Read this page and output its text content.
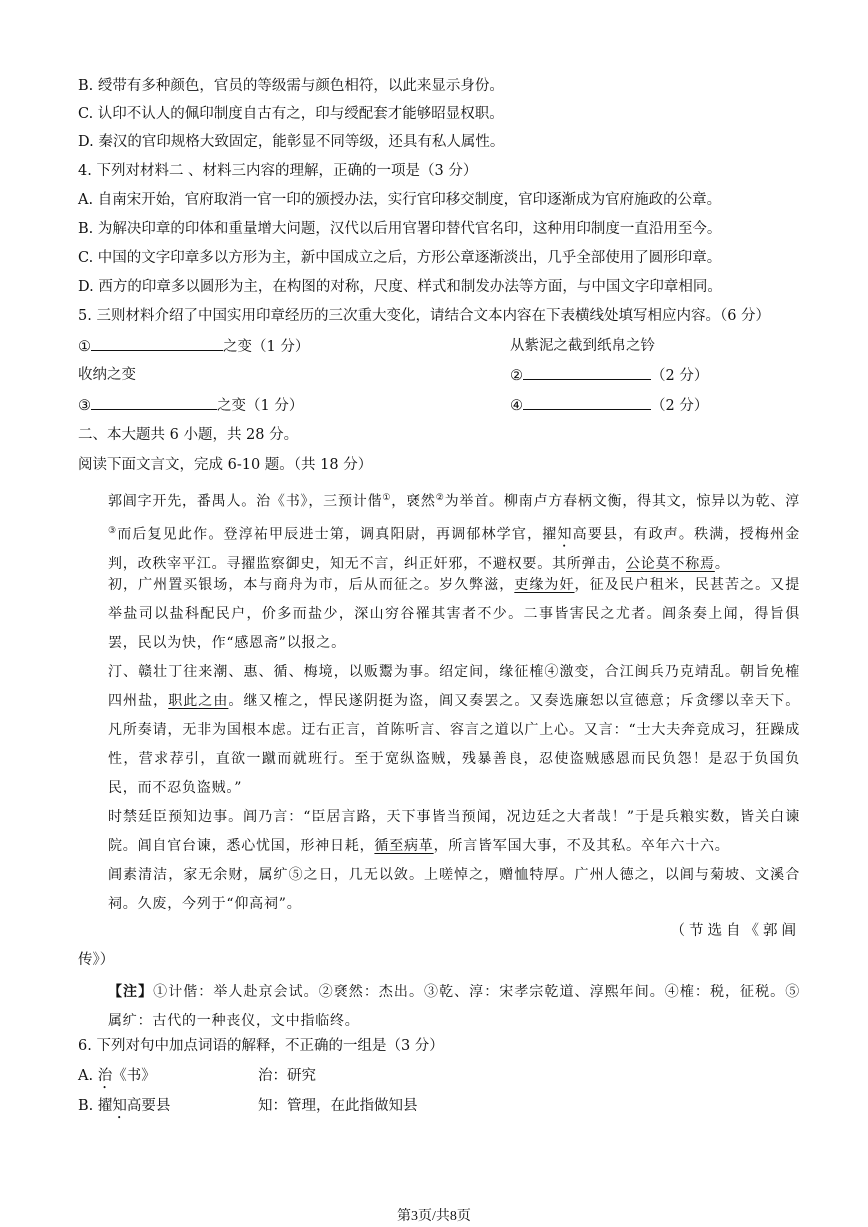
B. 绶带有多种颜色，官员的等级需与颜色相符，以此来显示身份。
C. 认印不认人的佩印制度自古有之，印与绶配套才能够昭显权职。
D. 秦汉的官印规格大致固定，能彰显不同等级，还具有私人属性。
4. 下列对材料二 、材料三内容的理解，正确的一项是（3 分）
A. 自南宋开始，官府取消一官一印的颁授办法，实行官印移交制度，官印逐渐成为官府施政的公章。
B. 为解决印章的印体和重量增大问题，汉代以后用官署印替代官名印，这种用印制度一直沿用至今。
C. 中国的文字印章多以方形为主，新中国成立之后，方形公章逐渐淡出，几乎全部使用了圆形印章。
D. 西方的印章多以圆形为主，在构图的对称，尺度、样式和制发办法等方面，与中国文字印章相同。
5. 三则材料介绍了中国实用印章经历的三次重大变化，请结合文本内容在下表横线处填写相应内容。（6 分）
①	之变（1 分）	从紫泥之截到纸帛之钤
收纳之变	②	（2 分）
③	之变（1 分）	④	（2 分）
二、本大题共 6 小题，共 28 分。
阅读下面文言文，完成 6-10 题。（共 18 分）
郭阊字开先，番禺人。治《书》，三预计偕①，褎然②为举首。柳南卢方春柄文衡，得其文，惊异以为乾、淳③而后复见此作。登淳祐甲辰进士第，调真阳尉，再调郁林学官，擢知高要县，有政声。秩满，授梅州金判，改秩宰平江。寻擢监察御史，知无不言，纠正奸邪，不避权要。其所弹击，公论莫不称焉。
初，广州置买银场，本与商舟为市，后从而征之。岁久弊滋，吏缘为奸，征及民户租米，民甚苦之。又提举盐司以盐科配民户，价多而盐少，深山穷谷罹其害者不少。二事皆害民之尤者。阊条奏上闻，得旨俱罢，民以为快，作“感恩斋”以报之。
汀、赣壮丁往来潮、惠、循、梅境，以贩鬻为事。绍定间，缘征榷④激变，合江闽兵乃克靖乱。朝旨免榷四州盐，职此之由。继又榷之，悍民遂阴挺为盗，阊又奏罢之。又奏选廉恕以宣德意；斥贪缪以幸天下。凡所奏请，无非为国根本虑。迂右正言，首陈听言、容言之道以广上心。又言：“士大夫奔竞成习，狂躁成性，营求荐引，直欲一蹴而就班行。至于宽纵盗贼，残暴善良，忍使盗贼感恩而民负怨！是忍于负国负民，而不忍负盗贼。”
时禁廷臣预知边事。阊乃言：“臣居言路，天下事皆当预闻，况边廷之大者哉！”于是兵粮实数，皆关白谏院。阊自官台谏，悉心忧国，形神日耗，循至病革，所言皆军国大事，不及其私。卒年六十六。
阊素清洁，家无余财，属纩⑤之日，几无以敛。上嗟悼之，赠恤特厚。广州人德之，以阊与菊坡、文溪合祠。久废，今列于“仰高祠”。
（节选自《郭阊
传》）
【注】①计偕：举人赴京会试。②褎然：杰出。③乾、淳：宋孝宗乾道、淳熙年间。④榷：税，征税。⑤属纩：古代的一种丧仪，文中指临终。
6. 下列对句中加点词语的解释，不正确的一组是（3 分）
A. 治《书》	治：研究
B. 擢知高要县	知：管理，在此指做知县
第3页/共8页
